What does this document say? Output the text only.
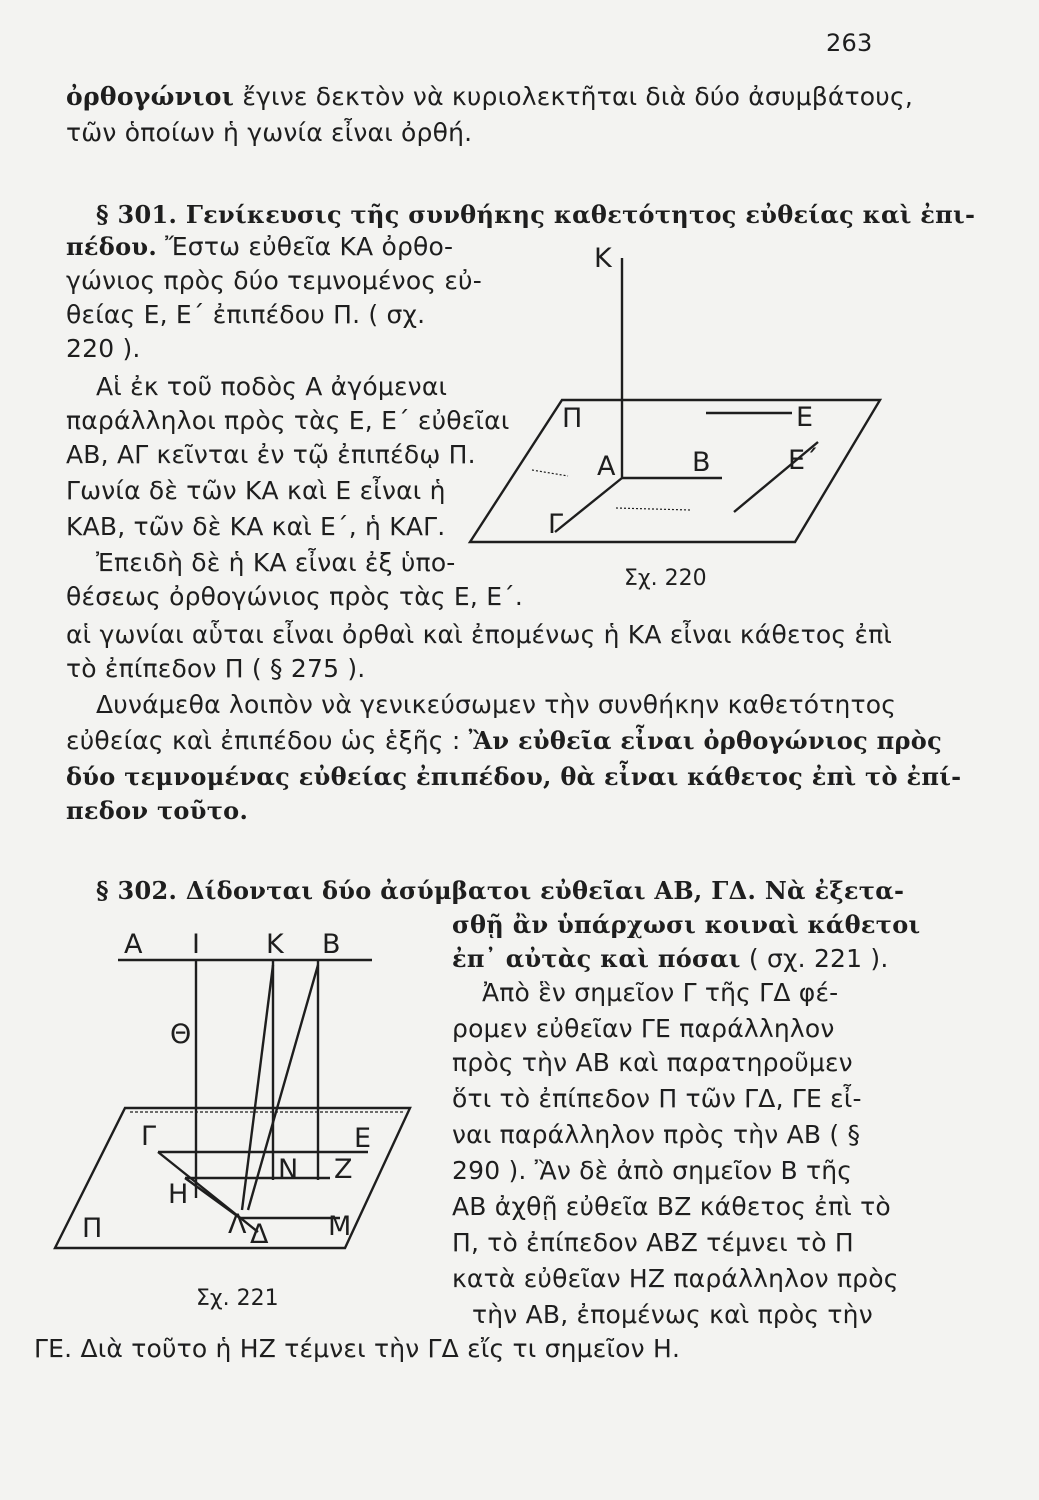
263
ὀρθογώνιοι ἔγινε δεκτὸν νὰ κυριολεκτῆται διὰ δύο ἀσυμβάτους,
τῶν ὁποίων ἡ γωνία εἶναι ὀρθή.
§ 301. Γενίκευσις τῆς συνθήκης καθετότητος εὐθείας καὶ ἐπι-
πέδου. Ἔστω εὐθεῖα ΚΑ ὀρθο-
γώνιος πρὸς δύο τεμνομένος εὐ-
θείας Ε, Ε΄ ἐπιπέδου Π. ( σχ.
220 ).
Αἱ ἐκ τοῦ ποδὸς Α ἀγόμεναι
παράλληλοι πρὸς τὰς Ε, Ε΄ εὐθεῖαι
ΑΒ, ΑΓ κεῖνται ἐν τῷ ἐπιπέδῳ Π.
Γωνία δὲ τῶν ΚΑ καὶ Ε εἶναι ἡ
ΚΑΒ, τῶν δὲ ΚΑ καὶ Ε΄, ἡ ΚΑΓ.
Ἐπειδὴ δὲ ἡ ΚΑ εἶναι ἐξ ὑπο-
θέσεως ὀρθογώνιος πρὸς τὰς Ε, Ε΄.
αἱ γωνίαι αὗται εἶναι ὀρθαὶ καὶ ἐπομένως ἡ ΚΑ εἶναι κάθετος ἐπὶ
τὸ ἐπίπεδον Π ( § 275 ).
Δυνάμεθα λοιπὸν νὰ γενικεύσωμεν τὴν συνθήκην καθετότητος
εὐθείας καὶ ἐπιπέδου ὡς ἑξῆς : Ἂν εὐθεῖα εἶναι ὀρθογώνιος πρὸς
δύο τεμνομένας εὐθείας ἐπιπέδου, θὰ εἶναι κάθετος ἐπὶ τὸ ἐπί-
πεδον τοῦτο.
Κ
Π	Ε
Α	Β	Ε΄
Γ
Σχ. 220
§ 302. Δίδονται δύο ἀσύμβατοι εὐθεῖαι ΑΒ, ΓΔ. Νὰ ἐξετα-
σθῇ ἂν ὑπάρχωσι κοιναὶ κάθετοι
ἐπ᾽ αὐτὰς καὶ πόσαι ( σχ. 221 ).
Ἀπὸ ἓν σημεῖον Γ τῆς ΓΔ φέ-
ρομεν εὐθεῖαν ΓΕ παράλληλον
πρὸς τὴν ΑΒ καὶ παρατηροῦμεν
ὅτι τὸ ἐπίπεδον Π τῶν ΓΔ, ΓΕ εἶ-
ναι παράλληλον πρὸς τὴν ΑΒ ( §
290 ). Ἂν δὲ ἀπὸ σημεῖον Β τῆς
ΑΒ ἀχθῇ εὐθεῖα ΒΖ κάθετος ἐπὶ τὸ
Π, τὸ ἐπίπεδον ΑΒΖ τέμνει τὸ Π
κατὰ εὐθεῖαν ΗΖ παράλληλον πρὸς
τὴν ΑΒ, ἐπομένως καὶ πρὸς τὴν
ΓΕ. Διὰ τοῦτο ἡ ΗΖ τέμνει τὴν ΓΔ εἴς τι σημεῖον Η.
Α Ι Κ Β
Θ
Γ	Ε
Ν Ζ
Η
Λ Δ Μ
Π
Σχ. 221
